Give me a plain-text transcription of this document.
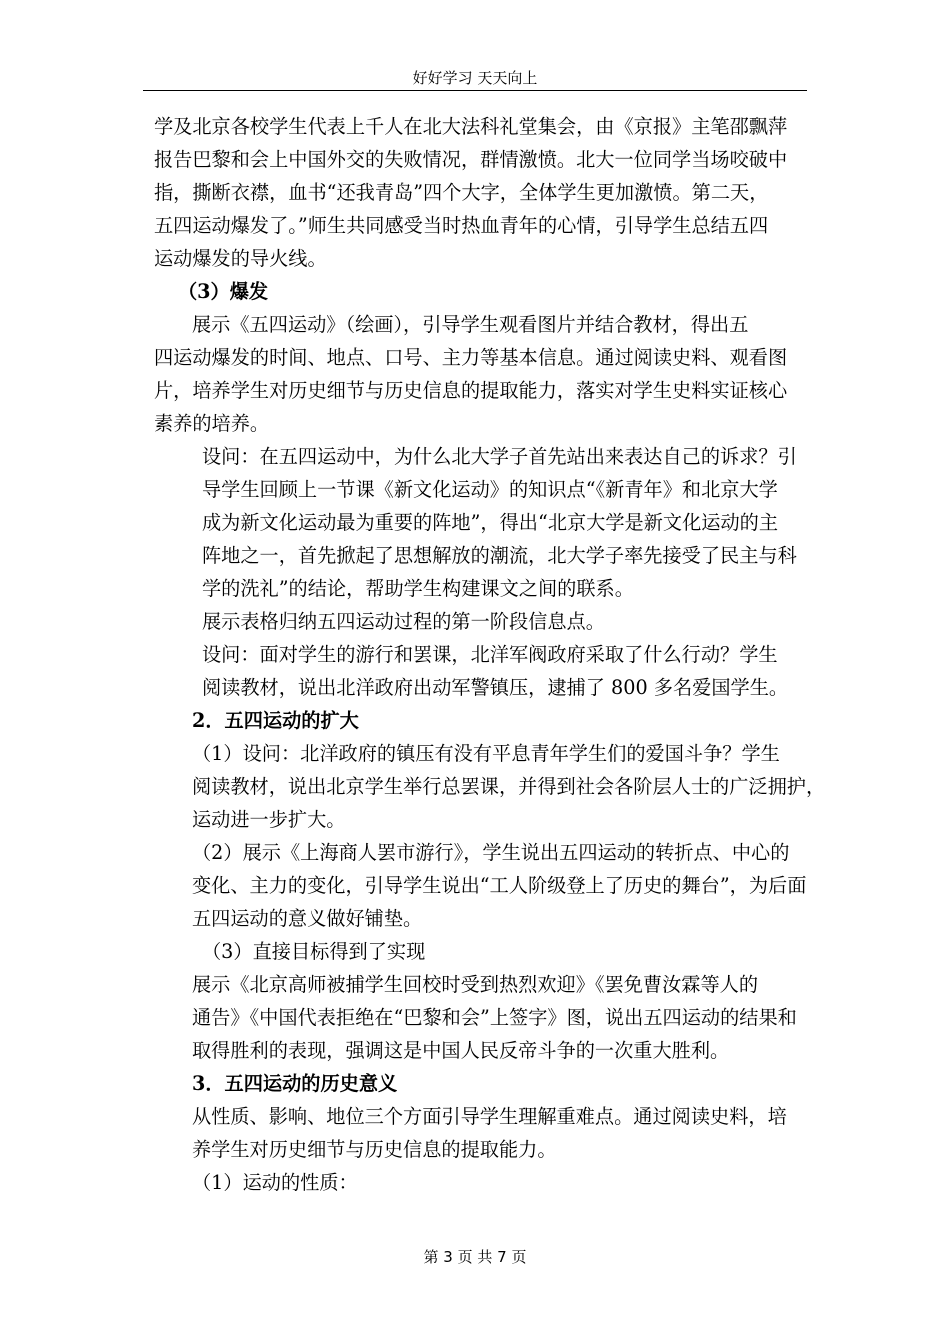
好好学习 天天向上
学及北京各校学生代表上千人在北大法科礼堂集会，由《京报》主笔邵飘萍
报告巴黎和会上中国外交的失败情况，群情激愤。北大一位同学当场咬破中
指，撕断衣襟，血书“还我青岛”四个大字，全体学生更加激愤。第二天，
五四运动爆发了。”师生共同感受当时热血青年的心情，引导学生总结五四
运动爆发的导火线。
（3）爆发
展示《五四运动》（绘画），引导学生观看图片并结合教材，得出五
四运动爆发的时间、地点、口号、主力等基本信息。通过阅读史料、观看图
片，培养学生对历史细节与历史信息的提取能力，落实对学生史料实证核心
素养的培养。
设问：在五四运动中，为什么北大学子首先站出来表达自己的诉求？引
导学生回顾上一节课《新文化运动》的知识点“《新青年》和北京大学
成为新文化运动最为重要的阵地”，得出“北京大学是新文化运动的主
阵地之一，首先掀起了思想解放的潮流，北大学子率先接受了民主与科
学的洗礼”的结论，帮助学生构建课文之间的联系。
展示表格归纳五四运动过程的第一阶段信息点。
设问：面对学生的游行和罢课，北洋军阀政府采取了什么行动？学生
阅读教材，说出北洋政府出动军警镇压，逮捕了 800 多名爱国学生。
2．五四运动的扩大
（1）设问：北洋政府的镇压有没有平息青年学生们的爱国斗争？学生
阅读教材，说出北京学生举行总罢课，并得到社会各阶层人士的广泛拥护，
运动进一步扩大。
（2）展示《上海商人罢市游行》，学生说出五四运动的转折点、中心的
变化、主力的变化，引导学生说出“工人阶级登上了历史的舞台”，为后面
五四运动的意义做好铺垫。
（3）直接目标得到了实现
展示《北京高师被捕学生回校时受到热烈欢迎》《罢免曹汝霖等人的
通告》《中国代表拒绝在“巴黎和会”上签字》图，说出五四运动的结果和
取得胜利的表现，强调这是中国人民反帝斗争的一次重大胜利。
3．五四运动的历史意义
从性质、影响、地位三个方面引导学生理解重难点。通过阅读史料，培
养学生对历史细节与历史信息的提取能力。
（1）运动的性质：
第 3 页 共 7 页
